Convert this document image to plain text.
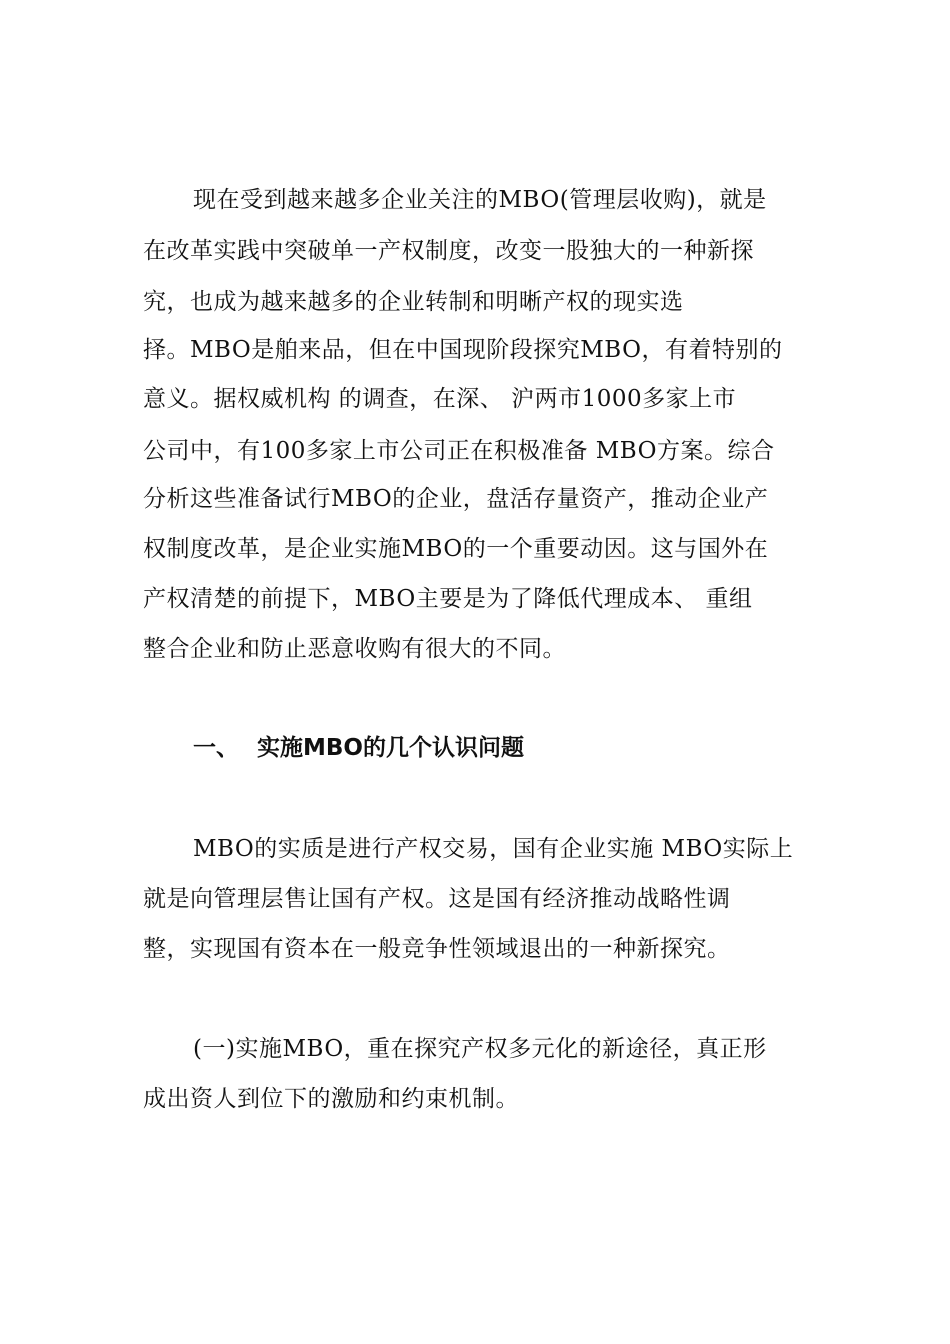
现在受到越来越多企业关注的MBO(管理层收购)，就是
在改革实践中突破单一产权制度，改变一股独大的一种新探
究，也成为越来越多的企业转制和明晰产权的现实选
择。MBO是舶来品，但在中国现阶段探究MBO，有着特别的
意义。据权威机构 的调查，在深、 沪两市1000多家上市
公司中，有100多家上市公司正在积极准备 MBO方案。综合
分析这些准备试行MBO的企业，盘活存量资产，推动企业产
权制度改革，是企业实施MBO的一个重要动因。这与国外在
产权清楚的前提下，MBO主要是为了降低代理成本、 重组
整合企业和防止恶意收购有很大的不同。
一、 实施MBO的几个认识问题
MBO的实质是进行产权交易，国有企业实施 MBO实际上
就是向管理层售让国有产权。这是国有经济推动战略性调
整，实现国有资本在一般竞争性领域退出的一种新探究。
(一)实施MBO，重在探究产权多元化的新途径，真正形
成出资人到位下的激励和约束机制。
